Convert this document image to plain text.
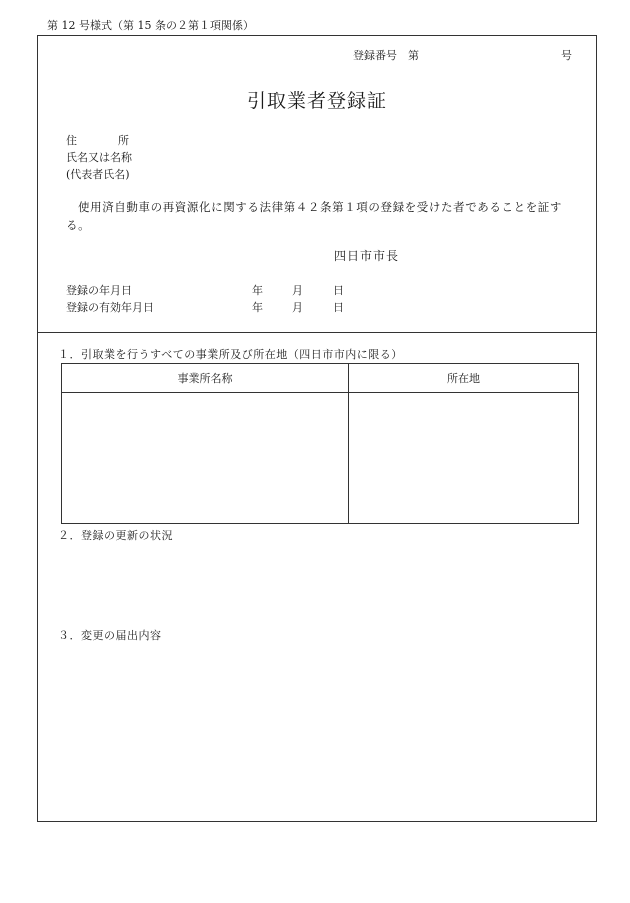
第 12 号様式（第 15 条の２第１項関係）
登録番号　第	号
引取業者登録証
住	所
氏名又は名称
(代表者氏名)
使用済自動車の再資源化に関する法律第４２条第１項の登録を受けた者であることを証する。
四日市市長
登録の年月日	年	月	日
登録の有効年月日	年	月	日
１．引取業を行うすべての事業所及び所在地（四日市市内に限る）
事業所名称	所在地

２．登録の更新の状況
３．変更の届出内容
